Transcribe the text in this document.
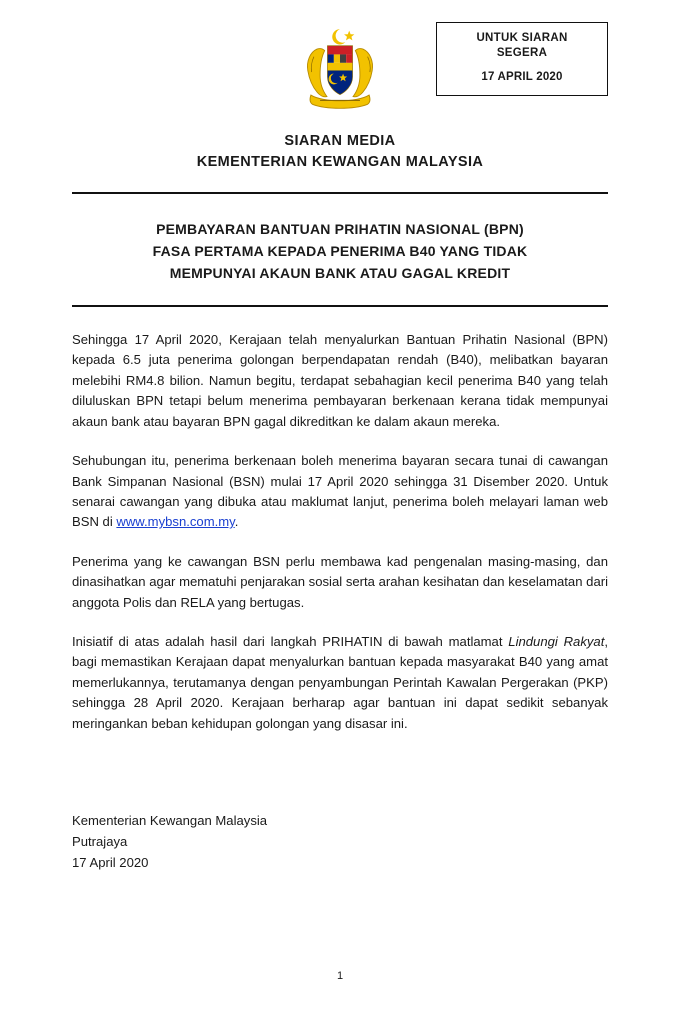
UNTUK SIARAN
SEGERA
17 APRIL 2020
SIARAN MEDIA
KEMENTERIAN KEWANGAN MALAYSIA
PEMBAYARAN BANTUAN PRIHATIN NASIONAL (BPN)
FASA PERTAMA KEPADA PENERIMA B40 YANG TIDAK
MEMPUNYAI AKAUN BANK ATAU GAGAL KREDIT

Sehingga 17 April 2020, Kerajaan telah menyalurkan Bantuan Prihatin Nasional (BPN) kepada 6.5 juta penerima golongan berpendapatan rendah (B40), melibatkan bayaran melebihi RM4.8 bilion. Namun begitu, terdapat sebahagian kecil penerima B40 yang telah diluluskan BPN tetapi belum menerima pembayaran berkenaan kerana tidak mempunyai akaun bank atau bayaran BPN gagal dikreditkan ke dalam akaun mereka.

Sehubungan itu, penerima berkenaan boleh menerima bayaran secara tunai di cawangan Bank Simpanan Nasional (BSN) mulai 17 April 2020 sehingga 31 Disember 2020. Untuk senarai cawangan yang dibuka atau maklumat lanjut, penerima boleh melayari laman web BSN di www.mybsn.com.my.

Penerima yang ke cawangan BSN perlu membawa kad pengenalan masing-masing, dan dinasihatkan agar mematuhi penjarakan sosial serta arahan kesihatan dan keselamatan dari anggota Polis dan RELA yang bertugas.

Inisiatif di atas adalah hasil dari langkah PRIHATIN di bawah matlamat Lindungi Rakyat, bagi memastikan Kerajaan dapat menyalurkan bantuan kepada masyarakat B40 yang amat memerlukannya, terutamanya dengan penyambungan Perintah Kawalan Pergerakan (PKP) sehingga 28 April 2020. Kerajaan berharap agar bantuan ini dapat sedikit sebanyak meringankan beban kehidupan golongan yang disasar ini.

Kementerian Kewangan Malaysia
Putrajaya
17 April 2020
1
